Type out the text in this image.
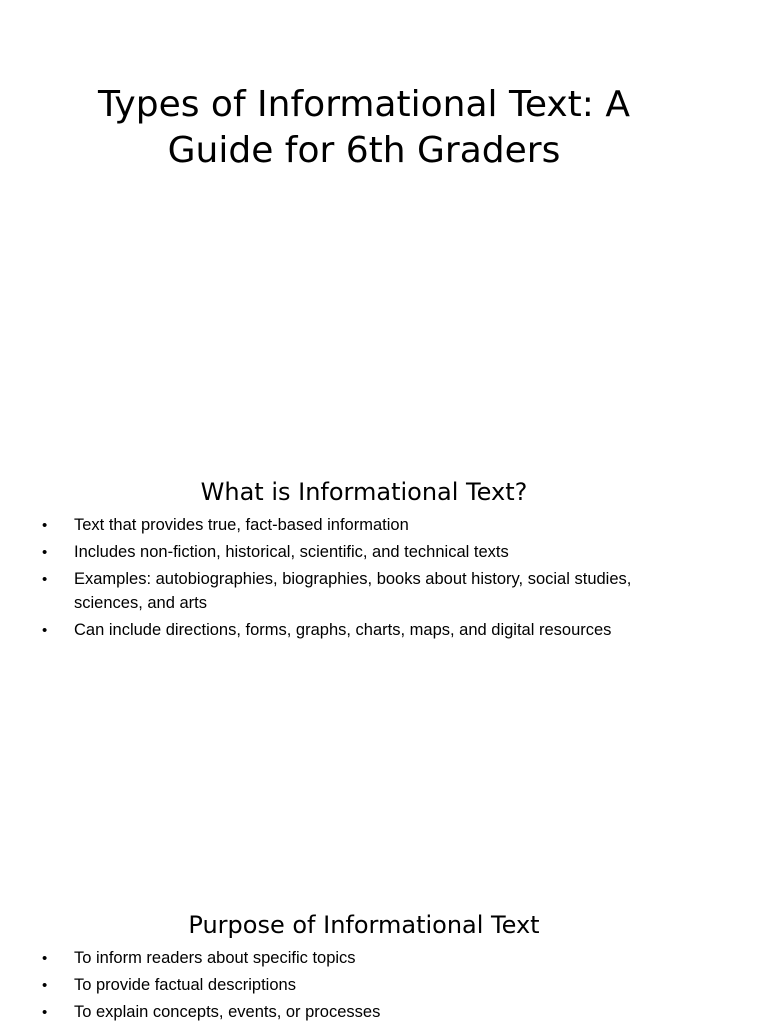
Types of Informational Text: A Guide for 6th Graders
What is Informational Text?
• Text that provides true, fact-based information
• Includes non-fiction, historical, scientific, and technical texts
• Examples: autobiographies, biographies, books about history, social studies, sciences, and arts
• Can include directions, forms, graphs, charts, maps, and digital resources
Purpose of Informational Text
• To inform readers about specific topics
• To provide factual descriptions
• To explain concepts, events, or processes
